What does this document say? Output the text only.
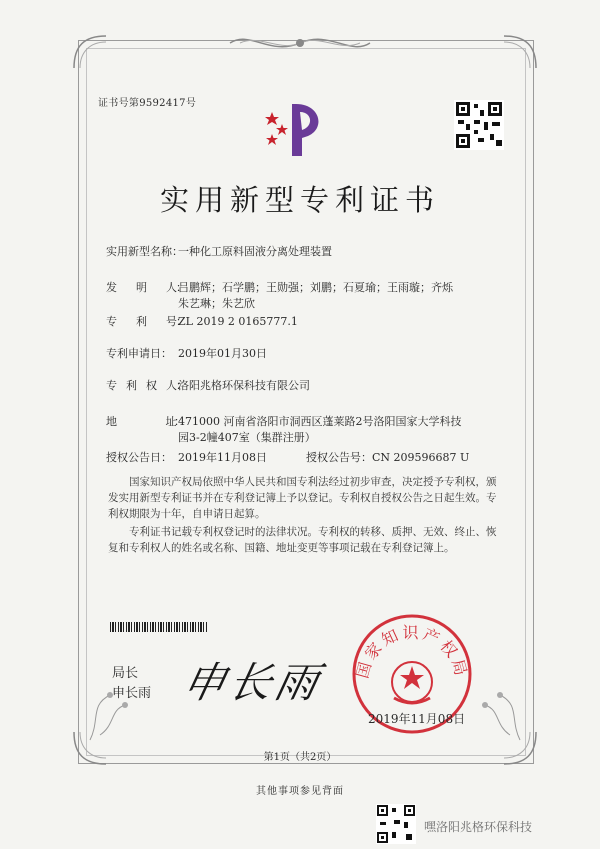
证书号第9592417号
实用新型专利证书
实用新型名称：
一种化工原料固液分离处理装置
发　　明　　人：
吕鹏辉；石学鹏；王勋强；刘鹏；石夏瑜；王雨璇；齐烁
朱艺琳；朱艺欣
专　　利　　号：
ZL 2019 2 0165777.1
专利申请日： 2019年01月30日
专　利　权　人：
洛阳兆格环保科技有限公司
地　　　　　　址：
471000 河南省洛阳市洞西区蓬莱路2号洛阳国家大学科技
园3-2幢407室（集群注册）
授权公告日： 2019年11月08日	授权公告号： CN 209596687 U
国家知识产权局依照中华人民共和国专利法经过初步审查，决定授予专利权，颁发实用新型专利证书并在专利登记簿上予以登记。专利权自授权公告之日起生效。专利权期限为十年，自申请日起算。
专利证书记载专利权登记时的法律状况。专利权的转移、质押、无效、终止、恢复和专利权人的姓名或名称、国籍、地址变更等事项记载在专利登记簿上。
局长
申长雨 申长雨 国家知识产权局
2019年11月08日
第1页（共2页）
其他事项参见背面
嘿洛阳兆格环保科技
